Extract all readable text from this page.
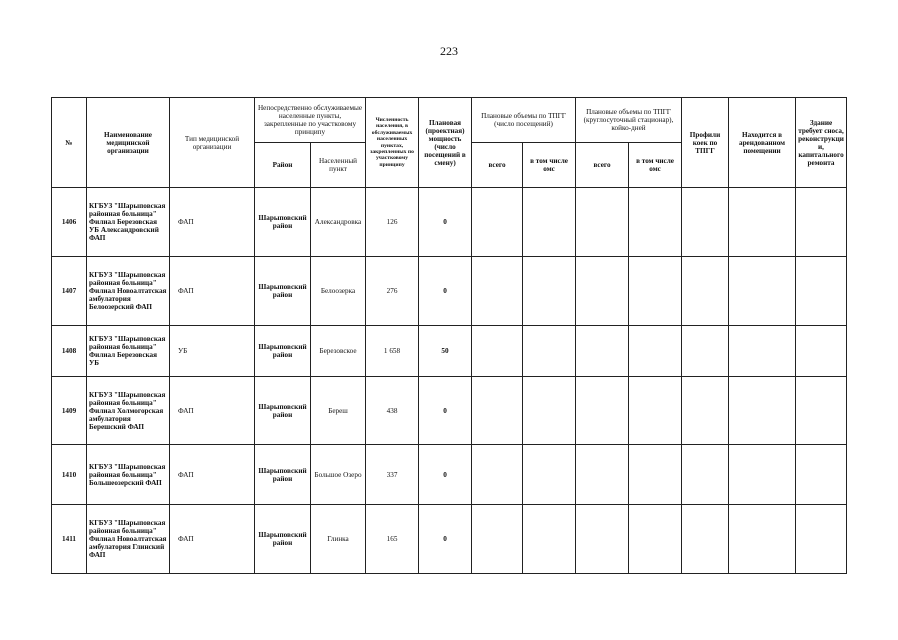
223
№	Наименование медицинской организации	Тип медицинской организации	Непосредственно обслуживаемые населенные пункты, закрепленные по участковому принципу		Численность населения, в обслуживаемых населенных пунктах, закрепленных по участковому принципу	Плановая (проектная) мощность (число посещений в смену)	Плановые объемы по ТПГГ (число посещений)		Плановые объемы по ТПГГ (круглосуточный стационар), койко-дней		Профили коек по ТПГГ	Находится в арендованном помещении	Здание требует сноса, реконструкции, капитального ремонта
			Район	Населенный пункт			всего	в том числе омс	всего	в том числе омс			
1406	КГБУЗ "Шарыповская районная больница" Филиал Березовская УБ Александровский ФАП	ФАП	Шарыповский район	Александровка	126	0							
1407	КГБУЗ "Шарыповская районная больница" Филиал Новоалтатская амбулатория Белоозерский ФАП	ФАП	Шарыповский район	Белоозерка	276	0							
1408	КГБУЗ "Шарыповская районная больница" Филиал Березовская УБ	УБ	Шарыповский район	Березовское	1 658	50							
1409	КГБУЗ "Шарыповская районная больница" Филиал Холмогорская амбулатория Берешский ФАП	ФАП	Шарыповский район	Береш	438	0							
1410	КГБУЗ "Шарыповская районная больница" Большеозерский ФАП	ФАП	Шарыповский район	Большое Озеро	337	0							
1411	КГБУЗ "Шарыповская районная больница" Филиал Новоалтатская амбулатория Глинский ФАП	ФАП	Шарыповский район	Глинка	165	0							
